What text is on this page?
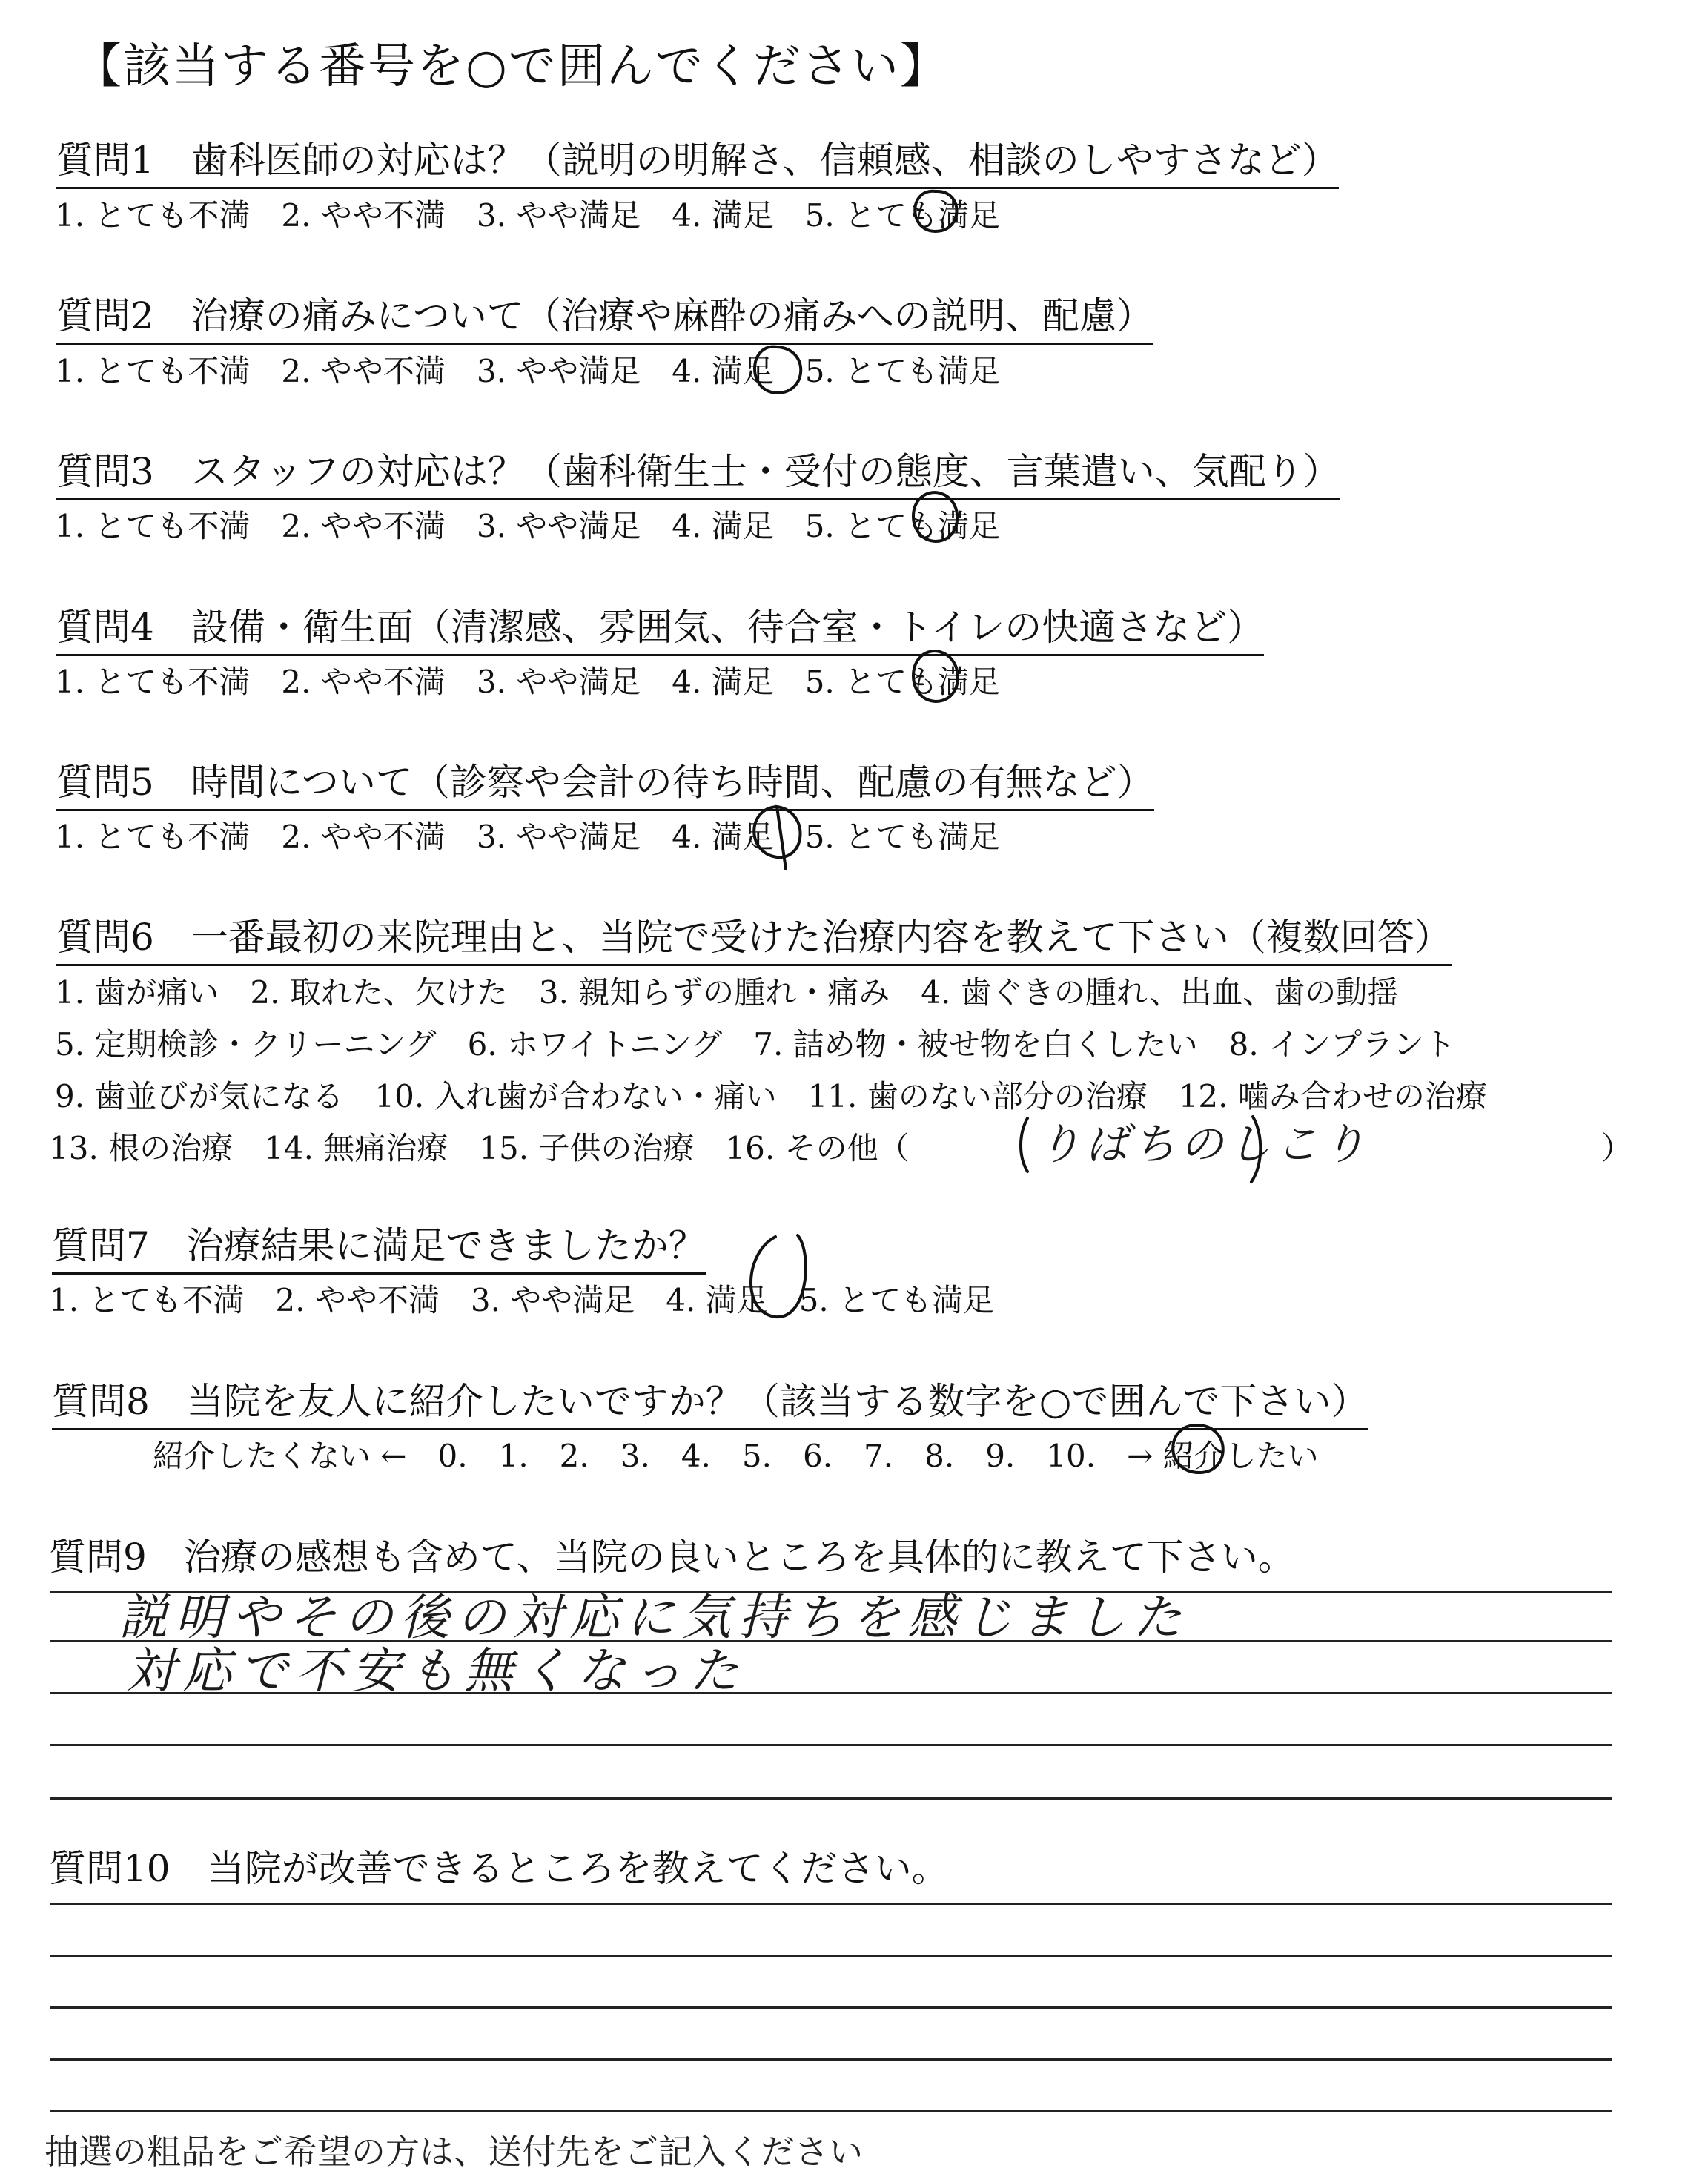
【該当する番号を○で囲んでください】
質問1　歯科医師の対応は？（説明の明解さ、信頼感、相談のしやすさなど）
1. とても不満　2. やや不満　3. やや満足　4. 満足　5. とても満足
質問2　治療の痛みについて（治療や麻酔の痛みへの説明、配慮）
1. とても不満　2. やや不満　3. やや満足　4. 満足　5. とても満足
質問3　スタッフの対応は？（歯科衛生士・受付の態度、言葉遣い、気配り）
1. とても不満　2. やや不満　3. やや満足　4. 満足　5. とても満足
質問4　設備・衛生面（清潔感、雰囲気、待合室・トイレの快適さなど）
1. とても不満　2. やや不満　3. やや満足　4. 満足　5. とても満足
質問5　時間について（診察や会計の待ち時間、配慮の有無など）
1. とても不満　2. やや不満　3. やや満足　4. 満足　5. とても満足
質問6　一番最初の来院理由と、当院で受けた治療内容を教えて下さい（複数回答）
1. 歯が痛い　2. 取れた、欠けた　3. 親知らずの腫れ・痛み　4. 歯ぐきの腫れ、出血、歯の動揺
5. 定期検診・クリーニング　6. ホワイトニング　7. 詰め物・被せ物を白くしたい　8. インプラント
9. 歯並びが気になる　10. 入れ歯が合わない・痛い　11. 歯のない部分の治療　12. 噛み合わせの治療
13. 根の治療　14. 無痛治療　15. 子供の治療　16. その他（	りばちのしこり	）
質問7　治療結果に満足できましたか？
1. とても不満　2. やや不満　3. やや満足　4. 満足　5. とても満足
質問8　当院を友人に紹介したいですか？（該当する数字を○で囲んで下さい）
紹介したくない ←　0.　1.　2.　3.　4.　5.　6.　7.　8.　9.　10.　→ 紹介したい
質問9　治療の感想も含めて、当院の良いところを具体的に教えて下さい。
説明やその後の対応に気持ちを感じました
対応で不安も無くなった
質問10　当院が改善できるところを教えてください。
抽選の粗品をご希望の方は、送付先をご記入ください
